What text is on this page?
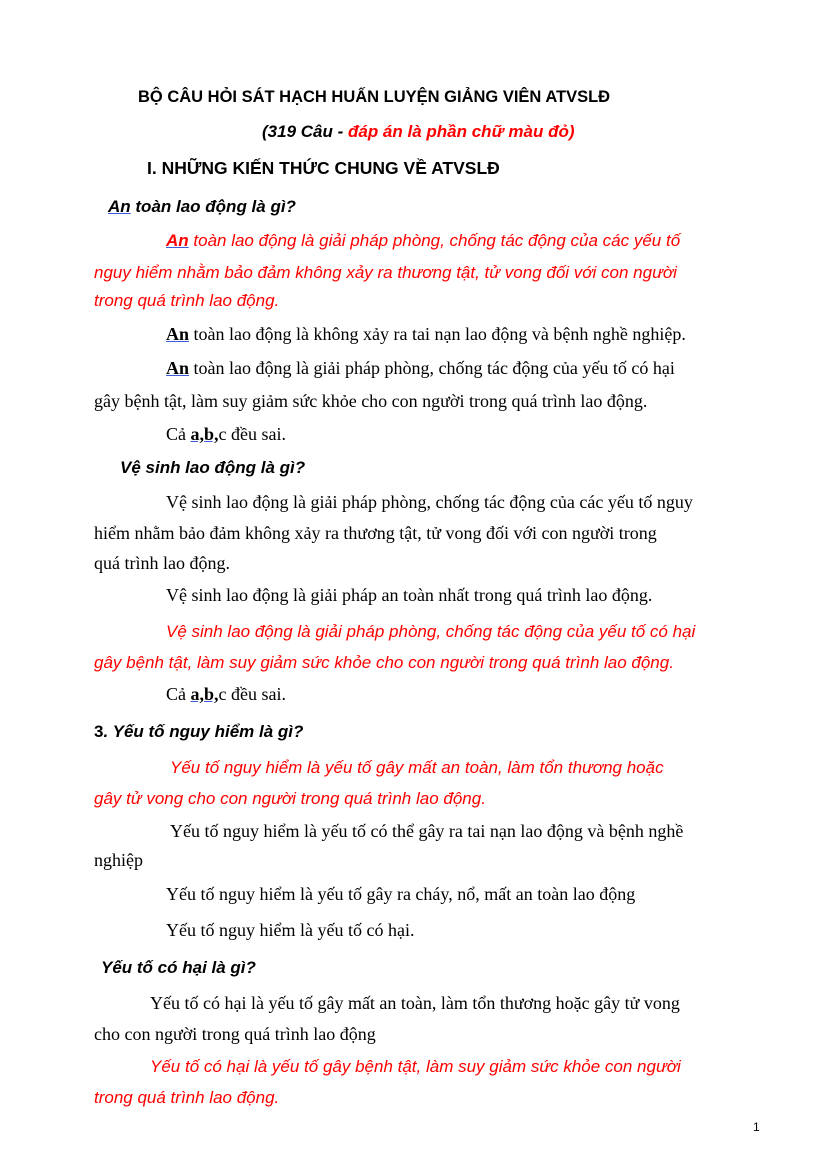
BỘ CÂU HỎI SÁT HẠCH HUẤN LUYỆN GIẢNG VIÊN ATVSLĐ
(319 Câu - đáp án là phần chữ màu đỏ)
I. NHỮNG KIẾN THỨC CHUNG VỀ ATVSLĐ
An toàn lao động là gì?
An toàn lao động là giải pháp phòng, chống tác động của các yếu tố
nguy hiểm nhằm bảo đảm không xảy ra thương tật, tử vong đối với con người
trong quá trình lao động.
An toàn lao động là không xảy ra tai nạn lao động và bệnh nghề nghiệp.
An toàn lao động là giải pháp phòng, chống tác động của yếu tố có hại
gây bệnh tật, làm suy giảm sức khỏe cho con người trong quá trình lao động.
Cả a,b,c đều sai.
Vệ sinh lao động là gì?
Vệ sinh lao động là giải pháp phòng, chống tác động của các yếu tố nguy
hiểm nhằm bảo đảm không xảy ra thương tật, tử vong đối với con người trong
quá trình lao động.
Vệ sinh lao động là giải pháp an toàn nhất trong quá trình lao động.
Vệ sinh lao động là giải pháp phòng, chống tác động của yếu tố có hại
gây bệnh tật, làm suy giảm sức khỏe cho con người trong quá trình lao động.
Cả a,b,c đều sai.
3. Yếu tố nguy hiểm là gì?
Yếu tố nguy hiểm là yếu tố gây mất an toàn, làm tổn thương hoặc
gây tử vong cho con người trong quá trình lao động.
Yếu tố nguy hiểm là yếu tố có thể gây ra tai nạn lao động và bệnh nghề
nghiệp
Yếu tố nguy hiểm là yếu tố gây ra cháy, nổ, mất an toàn lao động
Yếu tố nguy hiểm là yếu tố có hại.
Yếu tố có hại là gì?
Yếu tố có hại là yếu tố gây mất an toàn, làm tổn thương hoặc gây tử vong
cho con người trong quá trình lao động
Yếu tố có hại là yếu tố gây bệnh tật, làm suy giảm sức khỏe con người
trong quá trình lao động.
1
